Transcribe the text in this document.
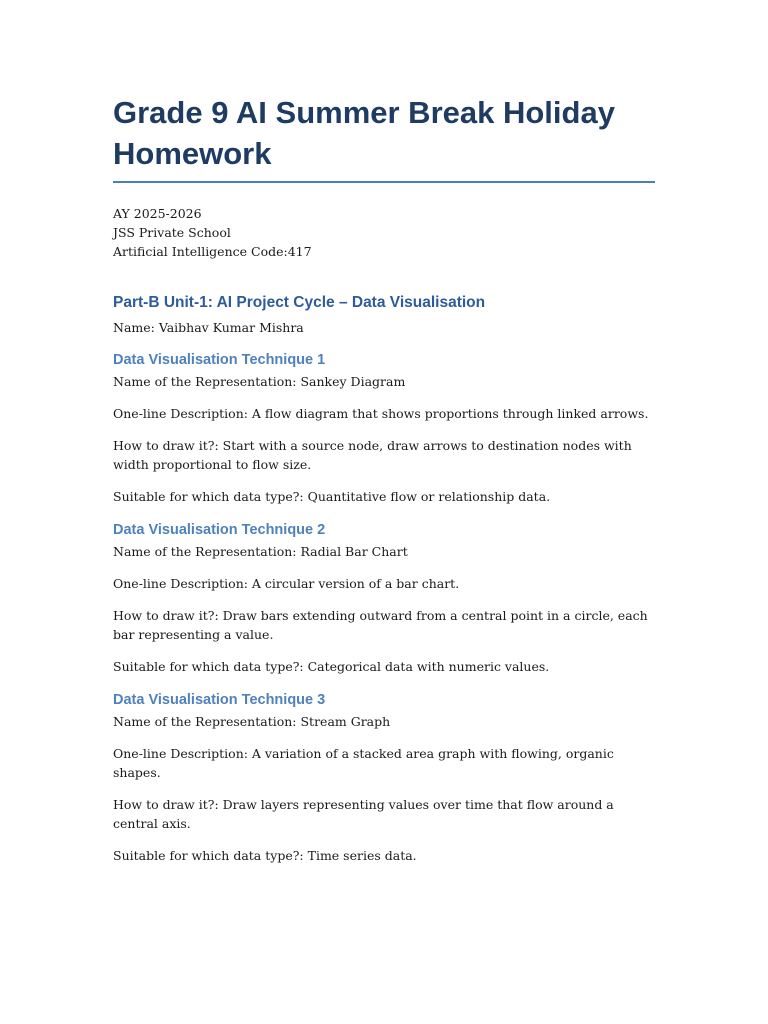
Grade 9 AI Summer Break Holiday Homework
AY 2025-2026
JSS Private School
Artificial Intelligence Code:417
Part-B Unit-1: AI Project Cycle – Data Visualisation
Name: Vaibhav Kumar Mishra
Data Visualisation Technique 1

Name of the Representation: Sankey Diagram

One-line Description: A flow diagram that shows proportions through linked arrows.

How to draw it?: Start with a source node, draw arrows to destination nodes with width proportional to flow size.

Suitable for which data type?: Quantitative flow or relationship data.

Data Visualisation Technique 2

Name of the Representation: Radial Bar Chart

One-line Description: A circular version of a bar chart.

How to draw it?: Draw bars extending outward from a central point in a circle, each bar representing a value.

Suitable for which data type?: Categorical data with numeric values.

Data Visualisation Technique 3

Name of the Representation: Stream Graph

One-line Description: A variation of a stacked area graph with flowing, organic shapes.

How to draw it?: Draw layers representing values over time that flow around a central axis.

Suitable for which data type?: Time series data.
